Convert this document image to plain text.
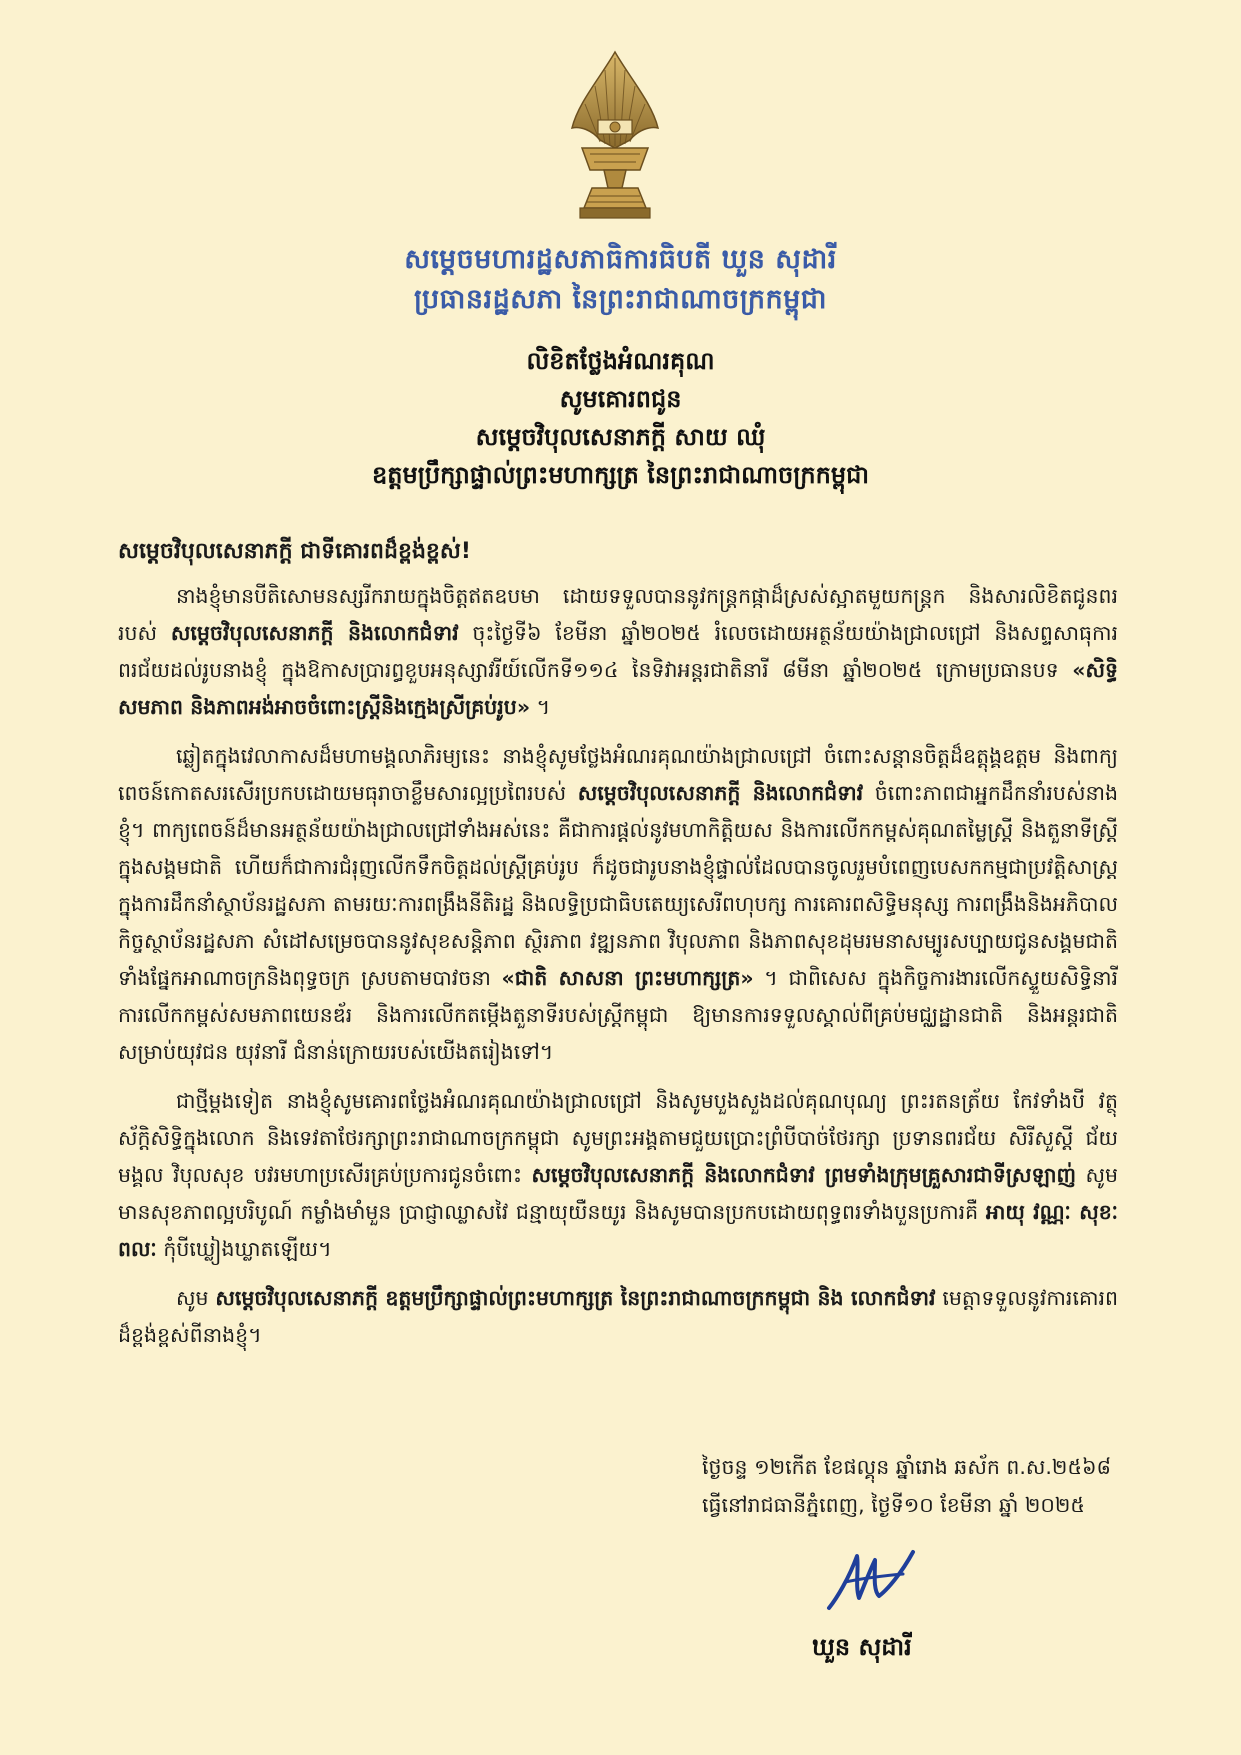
សម្តេចមហារដ្ឋសភាធិការធិបតី ឃួន សុដារី
ប្រធានរដ្ឋសភា នៃព្រះរាជាណាចក្រកម្ពុជា
លិខិតថ្លែងអំណរគុណ
សូមគោរពជូន
សម្តេចវិបុលសេនាភក្តី សាយ ឈុំ
ឧត្តមប្រឹក្សាផ្ទាល់ព្រះមហាក្សត្រ នៃព្រះរាជាណាចក្រកម្ពុជា
សម្តេចវិបុលសេនាភក្តី ជាទីគោរពដ៏ខ្ពង់ខ្ពស់!

នាងខ្ញុំមានបីតិសោមនស្សរីករាយក្នុងចិត្តឥតឧបមា ដោយទទួលបាននូវកន្ត្រកផ្កាដ៏ស្រស់ស្អាតមួយកន្ត្រក និងសារលិខិតជូនពររបស់ សម្តេចវិបុលសេនាភក្តី និងលោកជំទាវ ចុះថ្ងៃទី៦ ខែមីនា ឆ្នាំ២០២៥ រំលេចដោយអត្ថន័យយ៉ាងជ្រាលជ្រៅ និងសព្ទសាធុការពរជ័យដល់រូបនាងខ្ញុំ ក្នុងឱកាសប្រារព្ធខួបអនុស្សាវរីយ៍លើកទី១១៤ នៃទិវាអន្តរជាតិនារី ៨មីនា ឆ្នាំ២០២៥ ក្រោមប្រធានបទ «សិទ្ធិ សមភាព និងភាពអង់អាចចំពោះស្ត្រីនិងក្មេងស្រីគ្រប់រូប» ។

ឆ្លៀតក្នុងវេលាកាសដ៏មហាមង្គលាភិរម្យនេះ នាងខ្ញុំសូមថ្លែងអំណរគុណយ៉ាងជ្រាលជ្រៅ ចំពោះសន្តានចិត្តដ៏ឧត្តុង្គឧត្តម និងពាក្យពេចន៍កោតសរសើរប្រកបដោយមធុរាចាខ្លឹមសារល្អប្រពៃរបស់ សម្តេចវិបុលសេនាភក្តី និងលោកជំទាវ ចំពោះភាពជាអ្នកដឹកនាំរបស់នាងខ្ញុំ។ ពាក្យពេចន៍ដ៏មានអត្ថន័យយ៉ាងជ្រាលជ្រៅទាំងអស់នេះ គឺជាការផ្តល់នូវមហាកិត្តិយស និងការលើកកម្ពស់គុណតម្លៃស្ត្រី និងតួនាទីស្ត្រីក្នុងសង្គមជាតិ ហើយក៏ជាការជំរុញលើកទឹកចិត្តដល់ស្ត្រីគ្រប់រូប ក៏ដូចជារូបនាងខ្ញុំផ្ទាល់ដែលបានចូលរួមបំពេញបេសកកម្មជាប្រវត្តិសាស្ត្រក្នុងការដឹកនាំស្ថាប័នរដ្ឋសភា តាមរយៈការពង្រឹងនីតិរដ្ឋ និងលទ្ធិប្រជាធិបតេយ្យសេរីពហុបក្ស ការគោរពសិទ្ធិមនុស្ស ការពង្រឹងនិងអភិបាលកិច្ចស្ថាប័នរដ្ឋសភា សំដៅសម្រេចបាននូវសុខសន្តិភាព ស្ថិរភាព វឌ្ឍនភាព វិបុលភាព និងភាពសុខដុមរមនាសម្បូរសប្បាយជូនសង្គមជាតិទាំងផ្នែកអាណាចក្រនិងពុទ្ធចក្រ ស្របតាមបាវចនា «ជាតិ សាសនា ព្រះមហាក្សត្រ» ។ ជាពិសេស ក្នុងកិច្ចការងារលើកស្ទួយសិទ្ធិនារី ការលើកកម្ពស់សមភាពយេនឌ័រ និងការលើកតម្កើងតួនាទីរបស់ស្ត្រីកម្ពុជា ឱ្យមានការទទួលស្គាល់ពីគ្រប់មជ្ឈដ្ឋានជាតិ និងអន្តរជាតិ សម្រាប់យុវជន យុវនារី ជំនាន់ក្រោយរបស់យើងតរៀងទៅ។

ជាថ្មីម្តងទៀត នាងខ្ញុំសូមគោរពថ្លែងអំណរគុណយ៉ាងជ្រាលជ្រៅ និងសូមបួងសួងដល់គុណបុណ្យ ព្រះរតនត្រ័យ កែវទាំងបី វត្ថុស័ក្តិសិទ្ធិក្នុងលោក និងទេវតាថែរក្សាព្រះរាជាណាចក្រកម្ពុជា សូមព្រះអង្គតាមជួយប្រោះព្រំបីបាច់ថែរក្សា ប្រទានពរជ័យ សិរីសួស្តី ជ័យមង្គល វិបុលសុខ បវរមហាប្រសើរគ្រប់ប្រការជូនចំពោះ សម្តេចវិបុលសេនាភក្តី និងលោកជំទាវ ព្រមទាំងក្រុមគ្រួសារជាទីស្រឡាញ់ សូមមានសុខភាពល្អបរិបូណ៍ កម្លាំងមាំមួន ប្រាជ្ញាឈ្លាសវៃ ជន្មាយុយឺនយូរ និងសូមបានប្រកបដោយពុទ្ធពរទាំងបួនប្រការគឺ អាយុ វណ្ណៈ សុខៈ ពលៈ កុំបីឃ្លៀងឃ្លាតឡើយ។

សូម សម្តេចវិបុលសេនាភក្តី ឧត្តមប្រឹក្សាផ្ទាល់ព្រះមហាក្សត្រ នៃព្រះរាជាណាចក្រកម្ពុជា និង លោកជំទាវ មេត្តាទទួលនូវការគោរពដ៏ខ្ពង់ខ្ពស់ពីនាងខ្ញុំ។

ថ្ងៃចន្ទ ១២កើត ខែផល្គុន ឆ្នាំរោង ឆស័ក ព.ស.២៥៦៨
ធ្វើនៅរាជធានីភ្នំពេញ, ថ្ងៃទី១០ ខែមីនា ឆ្នាំ ២០២៥
ឃួន សុដារី
